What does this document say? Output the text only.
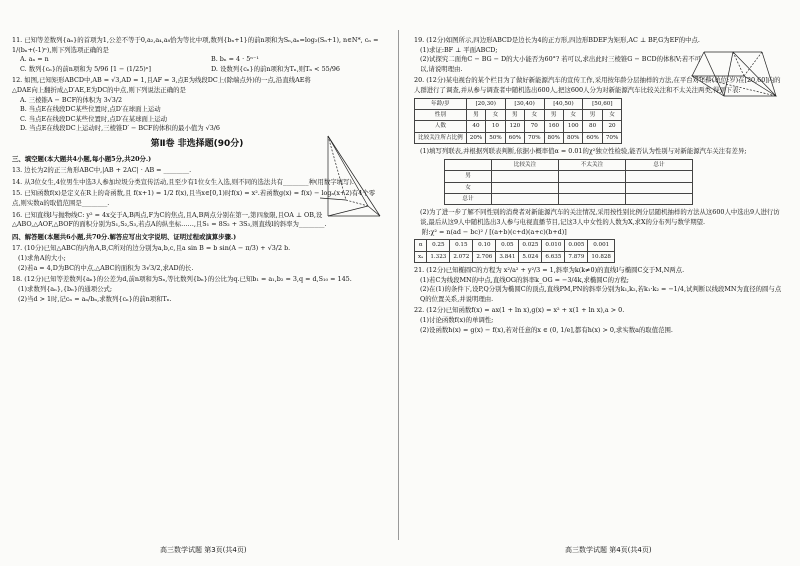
11. 已知等差数列{aₙ}的首项为1,公差不等于0,a₂,a₄,a₈恰为等比中项,数列{bₙ+1}的前n项和为Sₙ,aₙ=log₂(Sₙ+1), n∈N*, cₙ = 1/(bₙ+(-1)ⁿ),则下列选项正确的是
A. aₙ = n	B. bₙ = 4 · 5ⁿ⁻¹
C. 数列{cₙ}的前n项和为 5/96 [1 − (1/25)ⁿ]	D. 设数列{cₙ}的前n项和为Tₙ,则Tₙ < 55/96
12. 如图,已知矩形ABCD中,AB = √3,AD = 1,且AF = 3,点E为线段DC上(除端点外)的一点,沿直线AE将△DAE向上翻折成△D′AE,E为DC的中点,则下列说法正确的是
A. 三棱锥A − BCF的体积为 3√3/2
B. 当点E在线段DC某些位置时,点D′在球面上运动
C. 当点E在线段DC某些位置时,点D′在某球面上运动
D. 当点E在线段DC上运动时,三棱锥D′ − BCF的体积的最小值为 √3/6
第Ⅱ卷 非选择题(90分)
三、填空题(本大题共4小题,每小题5分,共20分.)
13. 边长为2的正三角形ABC中,|AB + 2AC| · AB = ________.
14. 从3位女生,4位男生中选3人参加垃圾分类宣传活动,且至少有1位女生入选,则不同的选法共有________种(用数字填写).
15. 已知函数f(x)是定义在R上的奇函数,且 f(x+1) = 1/2 f(x),且当x∈[0,1)时f(x) = x².若函数g(x) = f(x) − logₐ(x+2)有4个零点,则实数a的取值范围是________.
16. 已知直线l与抛物线C: y² = 4x交于A,B两点,F为C的焦点,且A,B两点分别在第一,第四象限,且OA ⊥ OB,设△ABO,△AOF,△BOF的面积分别为S₁,S₂,S₃,若点A的纵坐标……,且S₁ = 8S₂ + 3S₃,则直线l的斜率为________.
四、解答题(本题共6小题,共70分.解答应写出文字说明、证明过程或演算步骤.)
17. (10分)已知△ABC的内角A,B,C所对的边分别为a,b,c,且a sin B = b sin(A − π/3) + √3/2 b.
(1)求角A的大小;
(2)若a = 4,D为BC的中点,△ABC的面积为 3√3/2,求AD的长.
18. (12分)已知等差数列{aₙ}的公差为d,前n项和为Sₙ,等比数列{bₙ}的公比为q.已知b₁ = a₁,b₂ = 3,q = d,S₁₀ = 145.
(1)求数列{aₙ},{bₙ}的通项公式;
(2)当d > 1时,记cₙ = aₙ/bₙ,求数列{cₙ}的前n项和Tₙ.
19. (12分)如图所示,四边形ABCD是边长为4的正方形,四边形BDEF为矩形,AC ⊥ BF,G为EF的中点.
(1)求证:BF ⊥ 平面ABCD;
(2)试探究二面角C − BG − D的大小能否为60°? 若可以,求出此时三棱锥G − BCD的体积V;若不可以,请说明理由.
20. (12分)某电视台的某个栏目为了做好新能源汽车的宣传工作,采用按年龄分层抽样的方法,在平台对年龄(单位:岁)在[20,60]内的人群进行了调查,并从参与调查者中随机选出600人,把这600人分为对新能源汽车比较关注和不太关注两类,得到下表:
年龄/岁	[20,30)		[30,40)		[40,50)		[50,60]	
性别	男	女	男	女	男	女	男	女
人数	40	10	120	70	160	100	80	20
比较关注所占比例	20%	50%	60%	70%	80%	80%	60%	70%
(1)填写列联表,并根据列联表判断,依据小概率值α = 0.01的χ²独立性检验,能否认为性别与对新能源汽车关注有差异;
	比较关注	不太关注	总计
男			
女			
总计			
(2)为了进一步了解不同性别的消费者对新能源汽车的关注情况,采用按性别比例分层随机抽样的方法从这600人中选出9人进行访谈,最后从这9人中随机选出3人参与电视直播节目,记这3人中女性的人数为X,求X的分布列与数学期望.
附:χ² = n(ad − bc)² / [(a+b)(c+d)(a+c)(b+d)]
α	0.25	0.15	0.10	0.05	0.025	0.010	0.005	0.001
xₐ	1.323	2.072	2.706	3.841	5.024	6.635	7.879	10.828
21. (12分)已知椭圆C的方程为 x²/a² + y²/3 = 1,斜率为k(k≠0)的直线l与椭圆C交于M,N两点.
(1)若C为线段MN的中点,直线OG的斜率k_OG = −3/4k,求椭圆C的方程;
(2)在(1)的条件下,设P,Q分别为椭圆C的顶点,直线PM,PN的斜率分别为k₁,k₂,若k₁·k₂ = −1/4,试判断以线段MN为直径的圆与点Q的位置关系,并说明理由.
22. (12分)已知函数f(x) = ax(1 + ln x),g(x) = x² + x(1 + ln x),a > 0.
(1)讨论函数f(x)的单调性;
(2)设函数h(x) = g(x) − f(x),若对任意的x ∈ (0, 1/e],都有h(x) > 0,求实数a的取值范围.
高三数学试题 第3页(共4页)	高三数学试题 第4页(共4页)
